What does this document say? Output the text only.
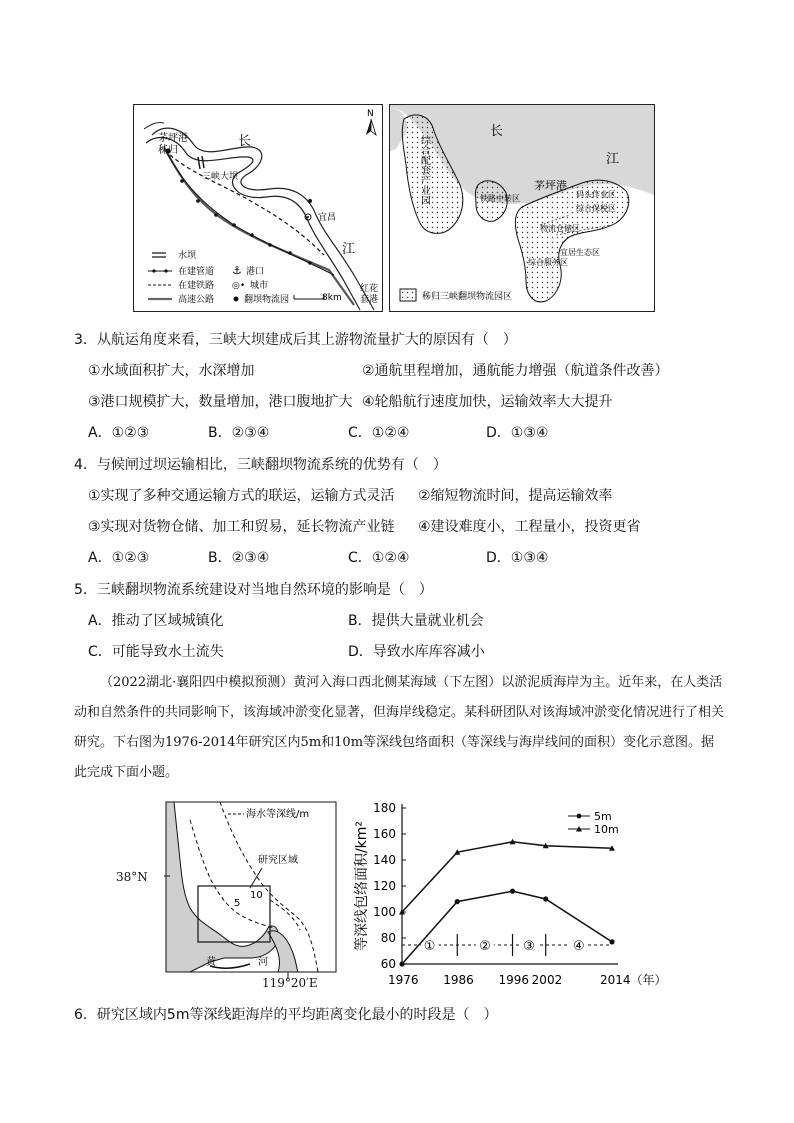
N
茅坪港
秭归
长
三峡大坝
宜昌
江
红花
套港
水坝
在建管道
在建铁路
高速公路
⚓ 港口
◎• 城市
翻坝物流园	8km
综合配套产业园
长
江
茅坪港
铁路中转区	码头作业区
物流仓储区
综合保税区
综合服务区
宜居生态区
秭归三峡翻坝物流园区
3．从航运角度来看，三峡大坝建成后其上游物流量扩大的原因有（　）
①水域面积扩大，水深增加	②通航里程增加，通航能力增强（航道条件改善）
③港口规模扩大，数量增加，港口腹地扩大 ④轮船航行速度加快，运输效率大大提升
A．①②③	B．②③④	C．①②④	D．①③④
4．与候闸过坝运输相比，三峡翻坝物流系统的优势有（　）
①实现了多种交通运输方式的联运，运输方式灵活 ②缩短物流时间，提高运输效率
③实现对货物仓储、加工和贸易，延长物流产业链 ④建设难度小，工程量小，投资更省
A．①②③	B．②③④	C．①②④	D．①③④
5．三峡翻坝物流系统建设对当地自然环境的影响是（　）
A．推动了区域城镇化	B．提供大量就业机会
C．可能导致水土流失	D．导致水库库容减小
（2022湖北·襄阳四中模拟预测）黄河入海口西北侧某海域（下左图）以淤泥质海岸为主。近年来，在人类活动和自然条件的共同影响下，该海域冲淤变化显著，但海岸线稳定。某科研团队对该海域冲淤变化情况进行了相关研究。下右图为1976-2014年研究区内5m和10m等深线包络面积（等深线与海岸线间的面积）变化示意图。据此完成下面小题。
研究区域
5
10
海水等深线/m
黄	河
38°N
119°20′E
60
80
100
120
140
160
180
1976 1986 1996 2002	2014（年）
①	②	③	④
5m
10m
等深线包络面积/km²
6．研究区域内5m等深线距海岸的平均距离变化最小的时段是（　）
